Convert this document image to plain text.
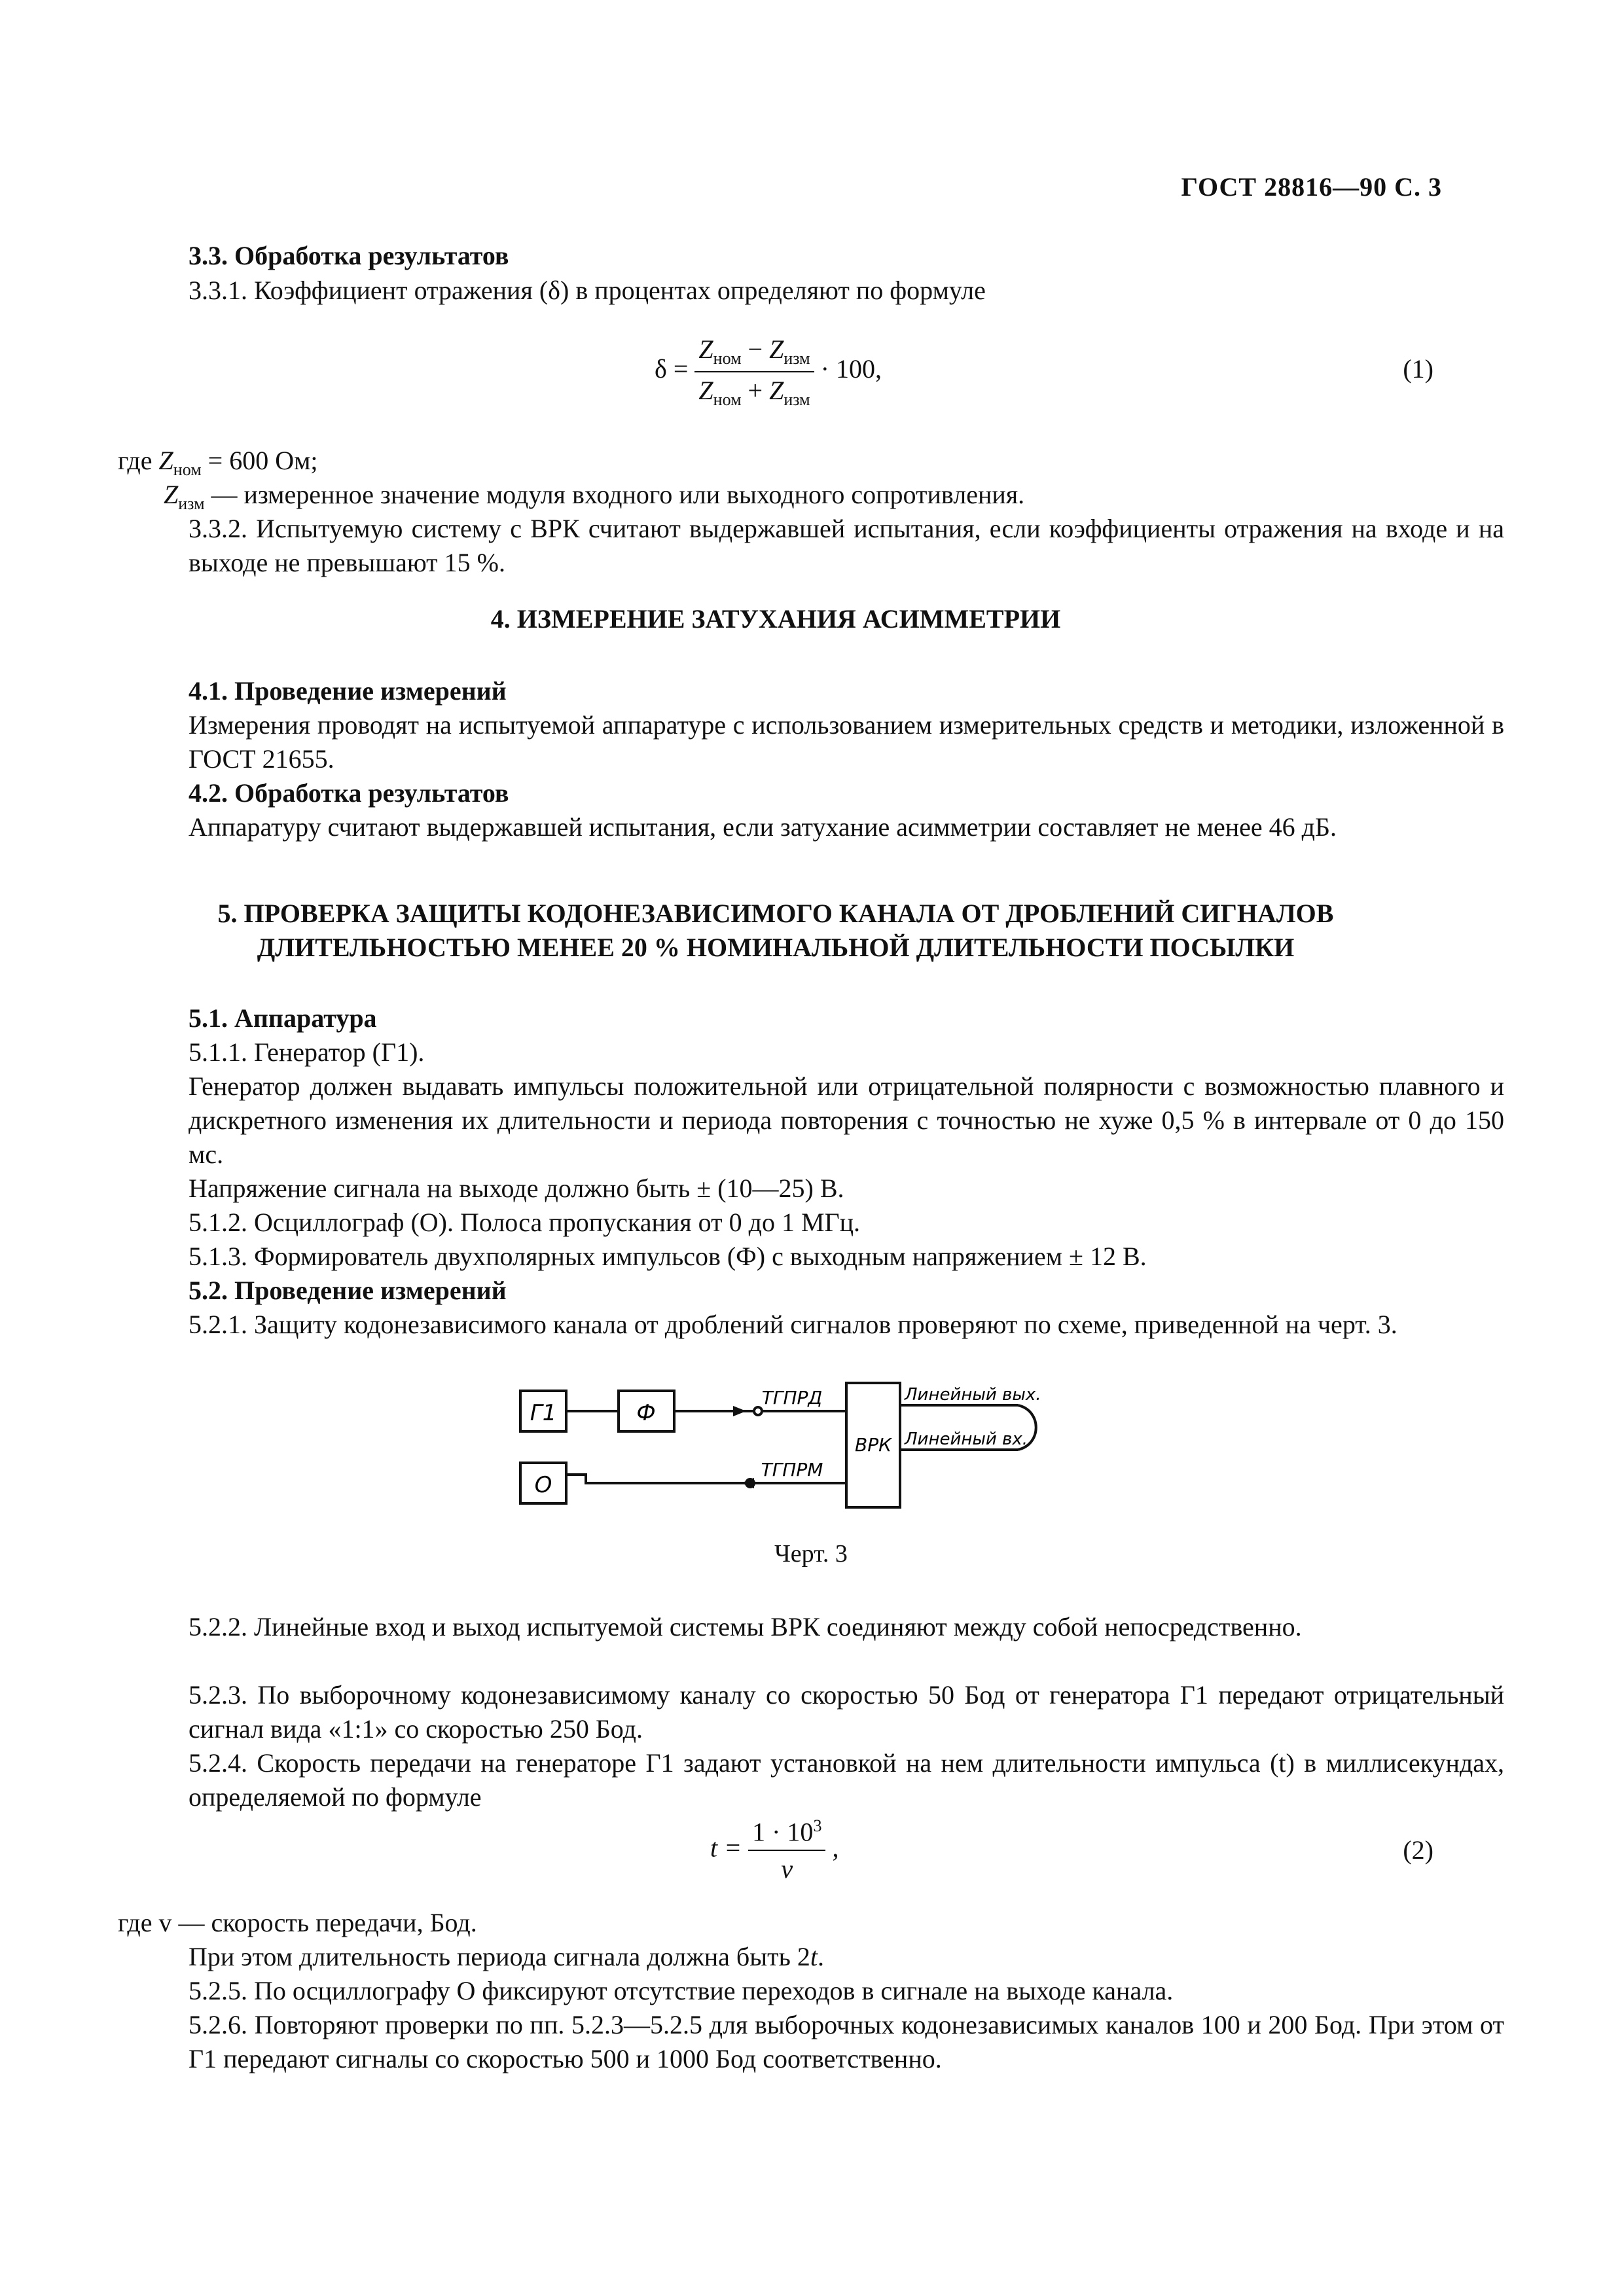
ГОСТ 28816—90 С. 3
3.3. Обработка результатов
3.3.1. Коэффициент отражения (δ) в процентах определяют по формуле
$\delta = \frac{Z_{ном} - Z_{изм}}{Z_{ном} + Z_{изм}} \cdot 100$,	(1)
где $Z_{ном} = 600$ Ом;
$Z_{изм}$ — измеренное значение модуля входного или выходного сопротивления.
3.3.2. Испытуемую систему с ВРК считают выдержавшей испытания, если коэффициенты отражения на входе и на выходе не превышают 15 %.
4. ИЗМЕРЕНИЕ ЗАТУХАНИЯ АСИММЕТРИИ
4.1. Проведение измерений
Измерения проводят на испытуемой аппаратуре с использованием измерительных средств и методики, изложенной в ГОСТ 21655.
4.2. Обработка результатов
Аппаратуру считают выдержавшей испытания, если затухание асимметрии составляет не менее 46 дБ.
5. ПРОВЕРКА ЗАЩИТЫ КОДОНЕЗАВИСИМОГО КАНАЛА ОТ ДРОБЛЕНИЙ СИГНАЛОВ
ДЛИТЕЛЬНОСТЬЮ МЕНЕЕ 20 % НОМИНАЛЬНОЙ ДЛИТЕЛЬНОСТИ ПОСЫЛКИ
5.1. Аппаратура
5.1.1. Генератор (Г1).
Генератор должен выдавать импульсы положительной или отрицательной полярности с возможностью плавного и дискретного изменения их длительности и периода повторения с точностью не хуже 0,5 % в интервале от 0 до 150 мс.
Напряжение сигнала на выходе должно быть ± (10—25) В.
5.1.2. Осциллограф (О). Полоса пропускания от 0 до 1 МГц.
5.1.3. Формирователь двухполярных импульсов (Ф) с выходным напряжением ± 12 В.
5.2. Проведение измерений
5.2.1. Защиту кодонезависимого канала от дроблений сигналов проверяют по схеме, приведенной на черт. 3.
Г1	Ф
О
ВРК
ТГПРД
ТГПРМ
Линейный вых.
Линейный вх.
Черт. 3
5.2.2. Линейные вход и выход испытуемой системы ВРК соединяют между собой непосредственно.
5.2.3. По выборочному кодонезависимому каналу со скоростью 50 Бод от генератора Г1 передают отрицательный сигнал вида «1:1» со скоростью 250 Бод.
5.2.4. Скорость передачи на генераторе Г1 задают установкой на нем длительности импульса (t) в миллисекундах, определяемой по формуле
$t = \frac{1 \cdot 10^3}{v}$ ,	(2)
где v — скорость передачи, Бод.
При этом длительность периода сигнала должна быть 2t.
5.2.5. По осциллографу О фиксируют отсутствие переходов в сигнале на выходе канала.
5.2.6. Повторяют проверки по пп. 5.2.3—5.2.5 для выборочных кодонезависимых каналов 100 и 200 Бод. При этом от Г1 передают сигналы со скоростью 500 и 1000 Бод соответственно.
